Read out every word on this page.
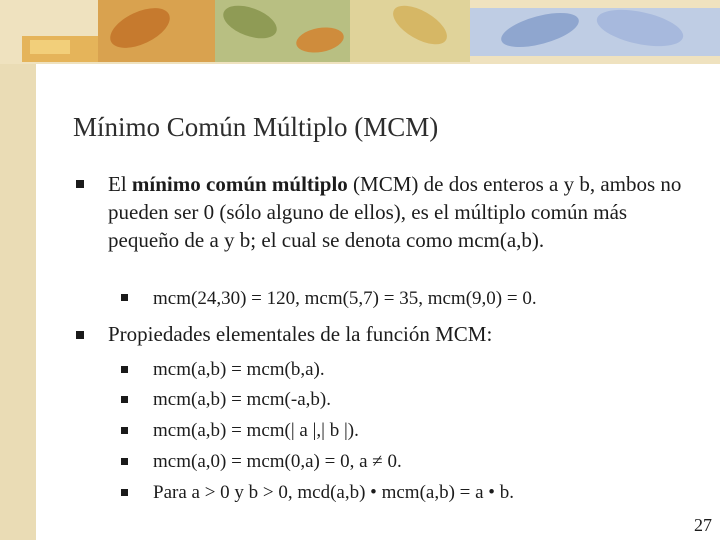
Mínimo Común Múltiplo (MCM)
El mínimo común múltiplo (MCM) de dos enteros a y b, ambos no pueden ser 0 (sólo alguno de ellos), es el múltiplo común más pequeño de a y b; el cual se denota como mcm(a,b).
mcm(24,30) = 120, mcm(5,7) = 35, mcm(9,0) = 0.
Propiedades elementales de la función MCM:
mcm(a,b) = mcm(b,a).
mcm(a,b) = mcm(-a,b).
mcm(a,b) = mcm(| a |,| b |).
mcm(a,0) = mcm(0,a) = 0, a ≠ 0.
Para a > 0 y b > 0, mcd(a,b) • mcm(a,b) = a • b.
27
